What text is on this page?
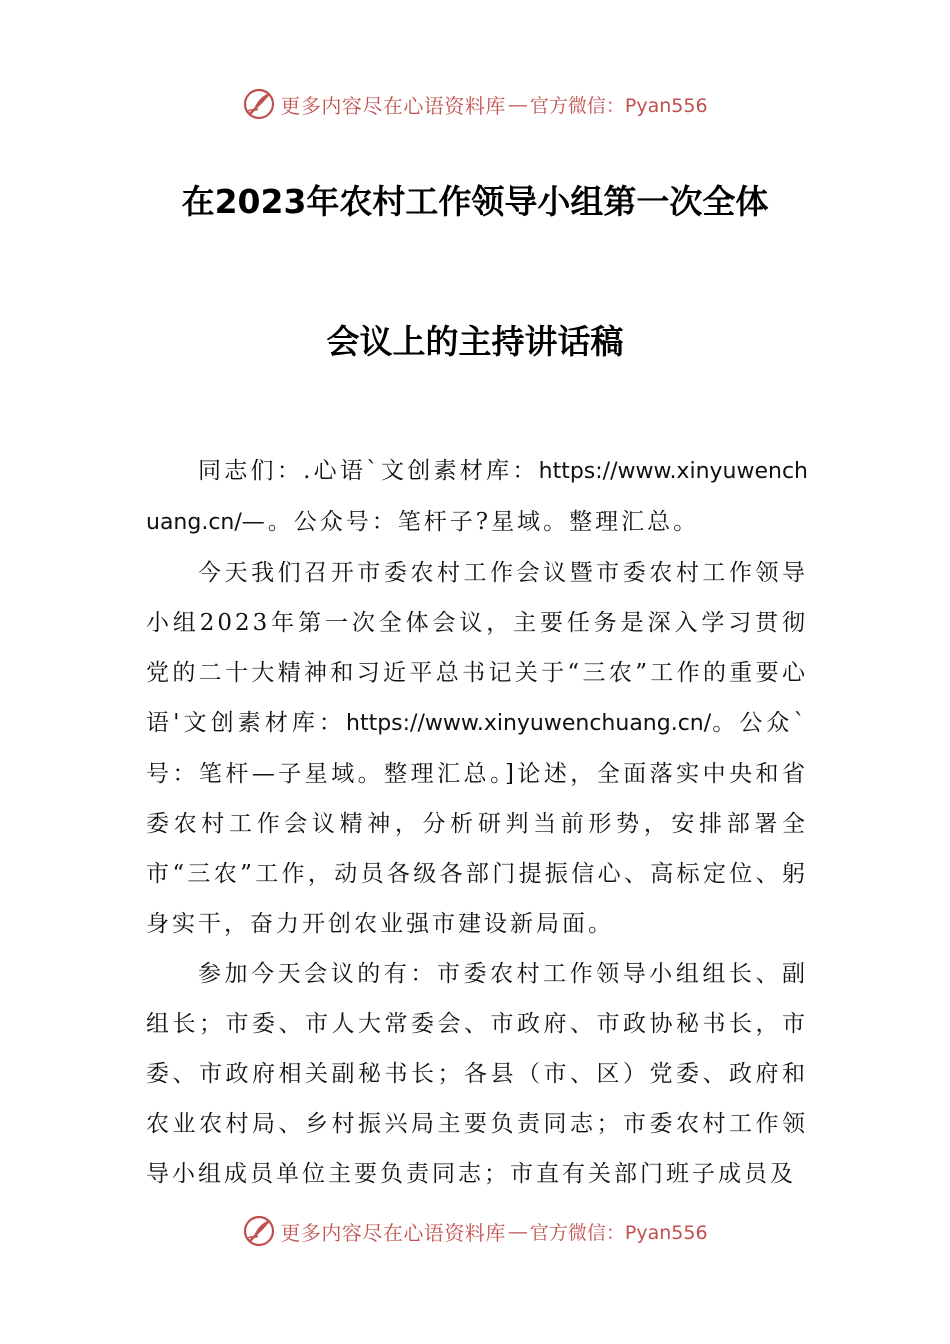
更多内容尽在心语资料库 — 官方微信：Pyan556
在2023年农村工作领导小组第一次全体
会议上的主持讲话稿

同志们：.心语`文创素材库：https://www.xinyuwenchuang.cn/—。公众号：笔杆子?星域。整理汇总。

今天我们召开市委农村工作会议暨市委农村工作领导小组2023年第一次全体会议，主要任务是深入学习贯彻党的二十大精神和习近平总书记关于“三农”工作的重要心语'文创素材库：https://www.xinyuwenchuang.cn/。公众`号：笔杆—子星域。整理汇总。]论述，全面落实中央和省委农村工作会议精神，分析研判当前形势，安排部署全市“三农”工作，动员各级各部门提振信心、高标定位、躬身实干，奋力开创农业强市建设新局面。

参加今天会议的有：市委农村工作领导小组组长、副组长；市委、市人大常委会、市政府、市政协秘书长，市委、市政府相关副秘书长；各县（市、区）党委、政府和农业农村局、乡村振兴局主要负责同志；市委农村工作领导小组成员单位主要负责同志；市直有关部门班子成员及

更多内容尽在心语资料库 — 官方微信：Pyan556
